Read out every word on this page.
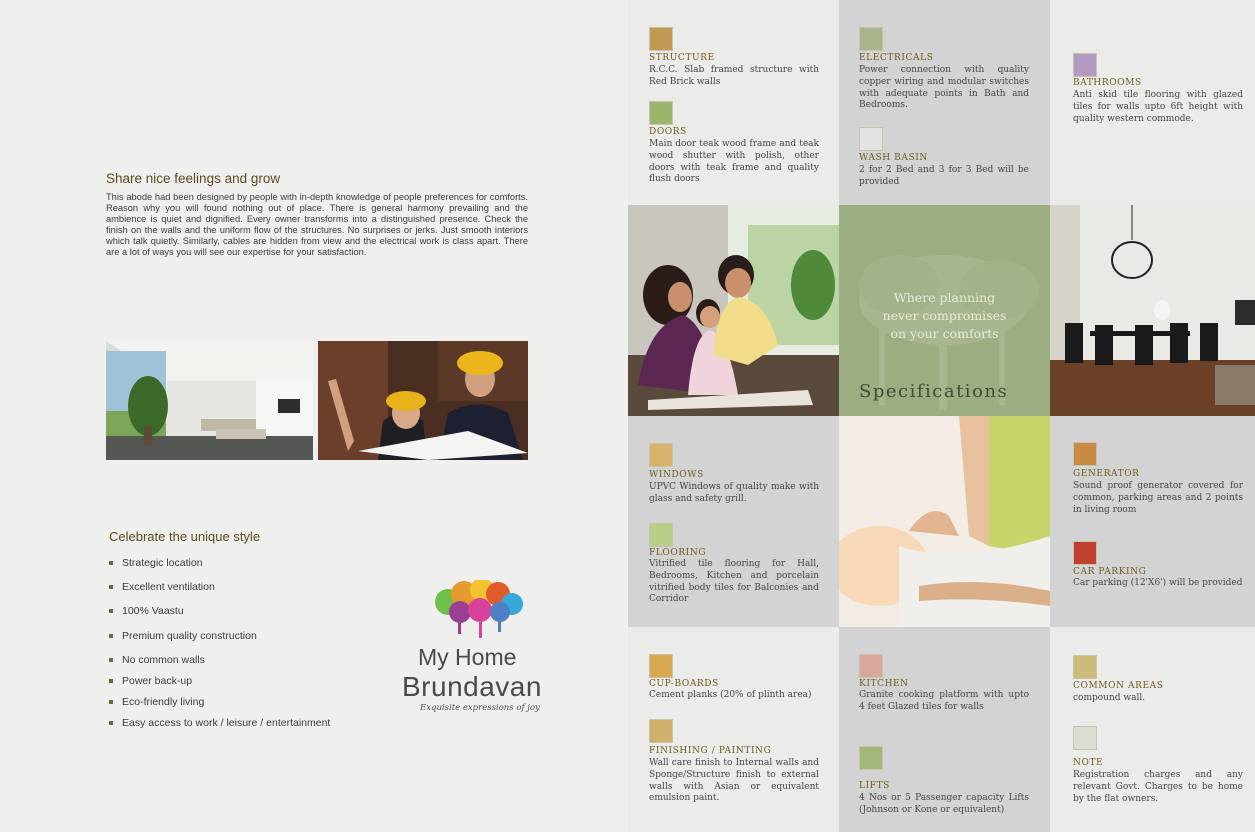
Share nice feelings and grow
This abode had been designed by people with in-depth knowledge of people preferences for comforts. Reason why you will found nothing out of place. There is general harmony prevailing and the ambience is quiet and dignified. Every owner transforms into a distinguished presence. Check the finish on the walls and the uniform flow of the structures. No surprises or jerks. Just smooth interiors which talk quietly. Similarly, cables are hidden from view and the electrical work is class apart. There are a lot of ways you will see our expertise for your satisfaction.
Celebrate the unique style
Strategic location
Excellent ventilation
100% Vaastu
Premium quality construction
No common walls
Power back-up
Eco-friendly living
Easy access to work / leisure / entertainment
My Home
Brundavan
Exquisite expressions of joy
Where planning
never compromises
on your comforts
Specifications
STRUCTURE
R.C.C. Slab framed structure with Red Brick walls
DOORS
Main door teak wood frame and teak wood shutter with polish, other doors with teak frame and quality flush doors
ELECTRICALS
Power connection with quality copper wiring and modular switches with adequate points in Bath and Bedrooms.
WASH BASIN
2 for 2 Bed and 3 for 3 Bed will be provided
BATHROOMS
Anti skid tile flooring with glazed tiles for walls upto 6ft height with quality western commode.
WINDOWS
UPVC Windows of quality make with glass and safety grill.
FLOORING
Vitrified tile flooring for Hall, Bedrooms, Kitchen and porcelain vitrified body tiles for Balconies and Corridor
GENERATOR
Sound proof generator covered for common, parking areas and 2 points in living room
CAR PARKING
Car parking (12'X6') will be provided
CUP-BOARDS
Cement planks (20% of plinth area)
FINISHING / PAINTING
Wall care finish to Internal walls and Sponge/Structure finish to external walls with Asian or equivalent emulsion paint.
KITCHEN
Granite cooking platform with upto 4 feet Glazed tiles for walls
LIFTS
4 Nos or 5 Passenger capacity Lifts (Johnson or Kone or equivalent)
COMMON AREAS
compound wall.
NOTE
Registration charges and any relevant Govt. Charges to be home by the flat owners.
